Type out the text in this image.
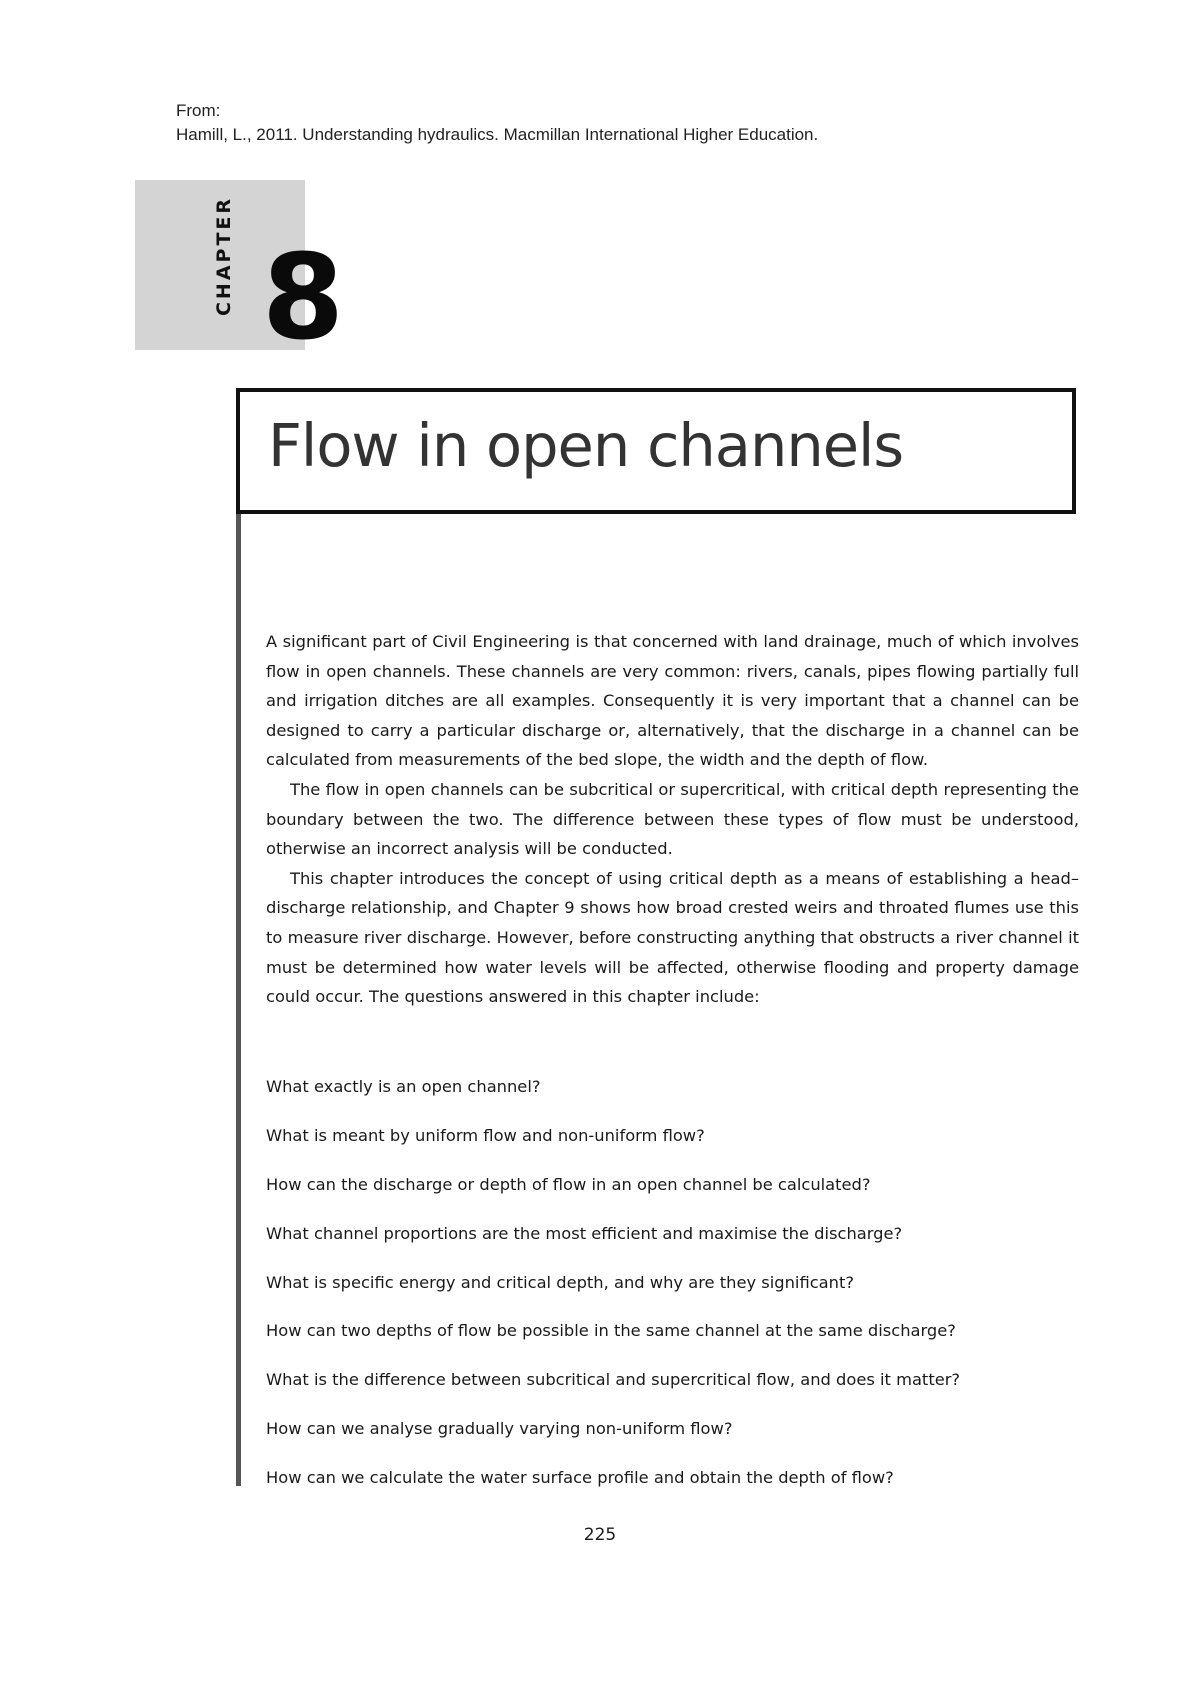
From:
Hamill, L., 2011. Understanding hydraulics. Macmillan International Higher Education.
CHAPTER 8
Flow in open channels

A significant part of Civil Engineering is that concerned with land drainage, much of which involves flow in open channels. These channels are very common: rivers, canals, pipes flowing partially full and irrigation ditches are all examples. Consequently it is very important that a channel can be designed to carry a particular discharge or, alternatively, that the discharge in a channel can be calculated from measurements of the bed slope, the width and the depth of flow.

The flow in open channels can be subcritical or supercritical, with critical depth representing the boundary between the two. The difference between these types of flow must be understood, otherwise an incorrect analysis will be conducted.

This chapter introduces the concept of using critical depth as a means of establishing a head–discharge relationship, and Chapter 9 shows how broad crested weirs and throated flumes use this to measure river discharge. However, before constructing anything that obstructs a river channel it must be determined how water levels will be affected, otherwise flooding and property damage could occur. The questions answered in this chapter include:

What exactly is an open channel?
What is meant by uniform flow and non-uniform flow?
How can the discharge or depth of flow in an open channel be calculated?
What channel proportions are the most efficient and maximise the discharge?
What is specific energy and critical depth, and why are they significant?
How can two depths of flow be possible in the same channel at the same discharge?
What is the difference between subcritical and supercritical flow, and does it matter?
How can we analyse gradually varying non-uniform flow?
How can we calculate the water surface profile and obtain the depth of flow?
225
